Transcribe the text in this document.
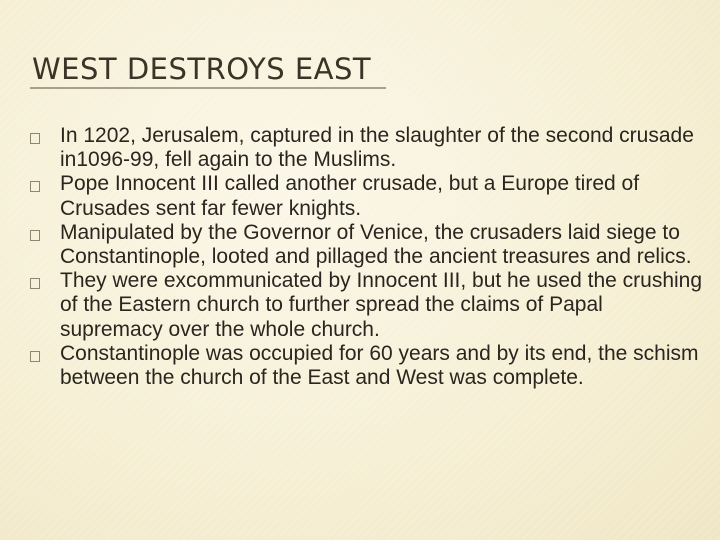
WEST DESTROYS EAST
In 1202, Jerusalem, captured in the slaughter of the second crusade in1096-99, fell again to the Muslims.
Pope Innocent III called another crusade, but a Europe tired of Crusades sent far fewer knights.
Manipulated by the Governor of Venice, the crusaders laid siege to Constantinople, looted and pillaged the ancient treasures and relics.
They were excommunicated by Innocent III, but he used the crushing of the Eastern church to further spread the claims of Papal supremacy over the whole church.
Constantinople was occupied for 60 years and by its end, the schism between the church of the East and West was complete.
